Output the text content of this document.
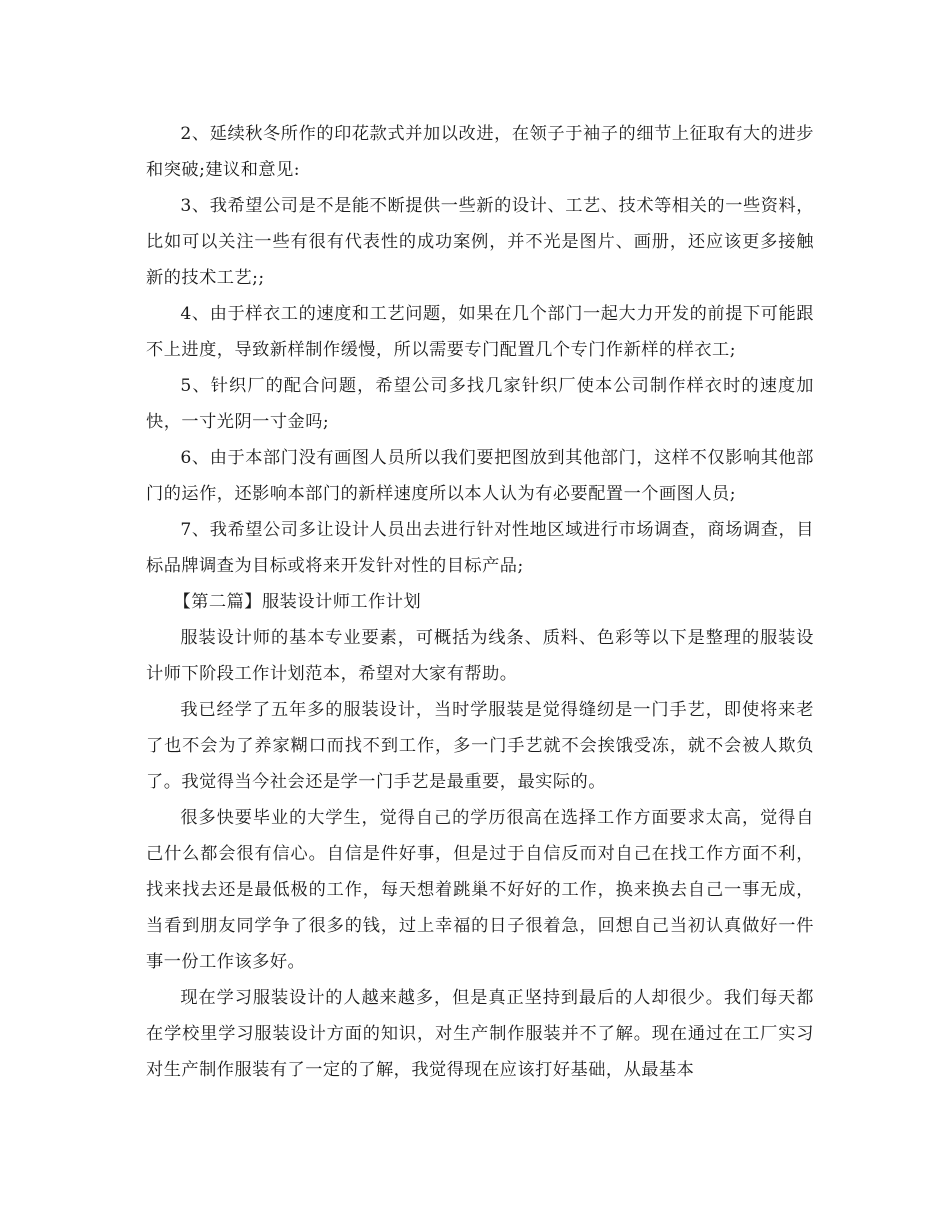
2、延续秋冬所作的印花款式并加以改进，在领子于袖子的细节上征取有大的进步和突破;建议和意见:

3、我希望公司是不是能不断提供一些新的设计、工艺、技术等相关的一些资料，比如可以关注一些有很有代表性的成功案例，并不光是图片、画册，还应该更多接触新的技术工艺;;

4、由于样衣工的速度和工艺问题，如果在几个部门一起大力开发的前提下可能跟不上进度，导致新样制作缓慢，所以需要专门配置几个专门作新样的样衣工;

5、针织厂的配合问题，希望公司多找几家针织厂使本公司制作样衣时的速度加快，一寸光阴一寸金吗;

6、由于本部门没有画图人员所以我们要把图放到其他部门，这样不仅影响其他部门的运作，还影响本部门的新样速度所以本人认为有必要配置一个画图人员;

7、我希望公司多让设计人员出去进行针对性地区域进行市场调查，商场调查，目标品牌调查为目标或将来开发针对性的目标产品;

【第二篇】服装设计师工作计划

服装设计师的基本专业要素，可概括为线条、质料、色彩等以下是整理的服装设计师下阶段工作计划范本，希望对大家有帮助。

我已经学了五年多的服装设计，当时学服装是觉得缝纫是一门手艺，即使将来老了也不会为了养家糊口而找不到工作，多一门手艺就不会挨饿受冻，就不会被人欺负了。我觉得当今社会还是学一门手艺是最重要，最实际的。

很多快要毕业的大学生，觉得自己的学历很高在选择工作方面要求太高，觉得自己什么都会很有信心。自信是件好事，但是过于自信反而对自己在找工作方面不利，找来找去还是最低极的工作，每天想着跳巢不好好的工作，换来换去自己一事无成，当看到朋友同学争了很多的钱，过上幸福的日子很着急，回想自己当初认真做好一件事一份工作该多好。

现在学习服装设计的人越来越多，但是真正坚持到最后的人却很少。我们每天都在学校里学习服装设计方面的知识，对生产制作服装并不了解。现在通过在工厂实习对生产制作服装有了一定的了解，我觉得现在应该打好基础，从最基本
